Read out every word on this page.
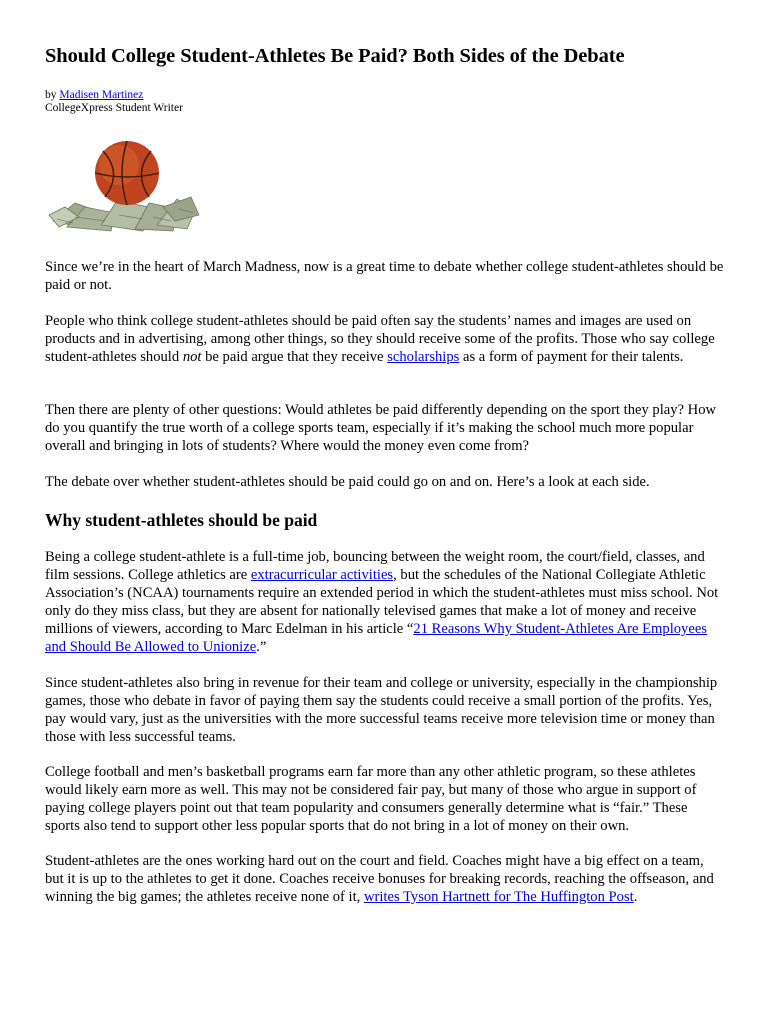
Should College Student-Athletes Be Paid? Both Sides of the Debate
by Madisen Martinez
CollegeXpress Student Writer

Since we’re in the heart of March Madness, now is a great time to debate whether college student-athletes should be paid or not.

People who think college student-athletes should be paid often say the students’ names and images are used on products and in advertising, among other things, so they should receive some of the profits. Those who say college student-athletes should not be paid argue that they receive scholarships as a form of payment for their talents.

Then there are plenty of other questions: Would athletes be paid differently depending on the sport they play? How do you quantify the true worth of a college sports team, especially if it’s making the school much more popular overall and bringing in lots of students? Where would the money even come from?

The debate over whether student-athletes should be paid could go on and on. Here’s a look at each side.

Why student-athletes should be paid

Being a college student-athlete is a full-time job, bouncing between the weight room, the court/field, classes, and film sessions. College athletics are extracurricular activities, but the schedules of the National Collegiate Athletic Association’s (NCAA) tournaments require an extended period in which the student-athletes must miss school. Not only do they miss class, but they are absent for nationally televised games that make a lot of money and receive millions of viewers, according to Marc Edelman in his article “21 Reasons Why Student-Athletes Are Employees and Should Be Allowed to Unionize.”

Since student-athletes also bring in revenue for their team and college or university, especially in the championship games, those who debate in favor of paying them say the students could receive a small portion of the profits. Yes, pay would vary, just as the universities with the more successful teams receive more television time or money than those with less successful teams.

College football and men’s basketball programs earn far more than any other athletic program, so these athletes would likely earn more as well. This may not be considered fair pay, but many of those who argue in support of paying college players point out that team popularity and consumers generally determine what is “fair.” These sports also tend to support other less popular sports that do not bring in a lot of money on their own.

Student-athletes are the ones working hard out on the court and field. Coaches might have a big effect on a team, but it is up to the athletes to get it done. Coaches receive bonuses for breaking records, reaching the offseason, and winning the big games; the athletes receive none of it, writes Tyson Hartnett for The Huffington Post.
